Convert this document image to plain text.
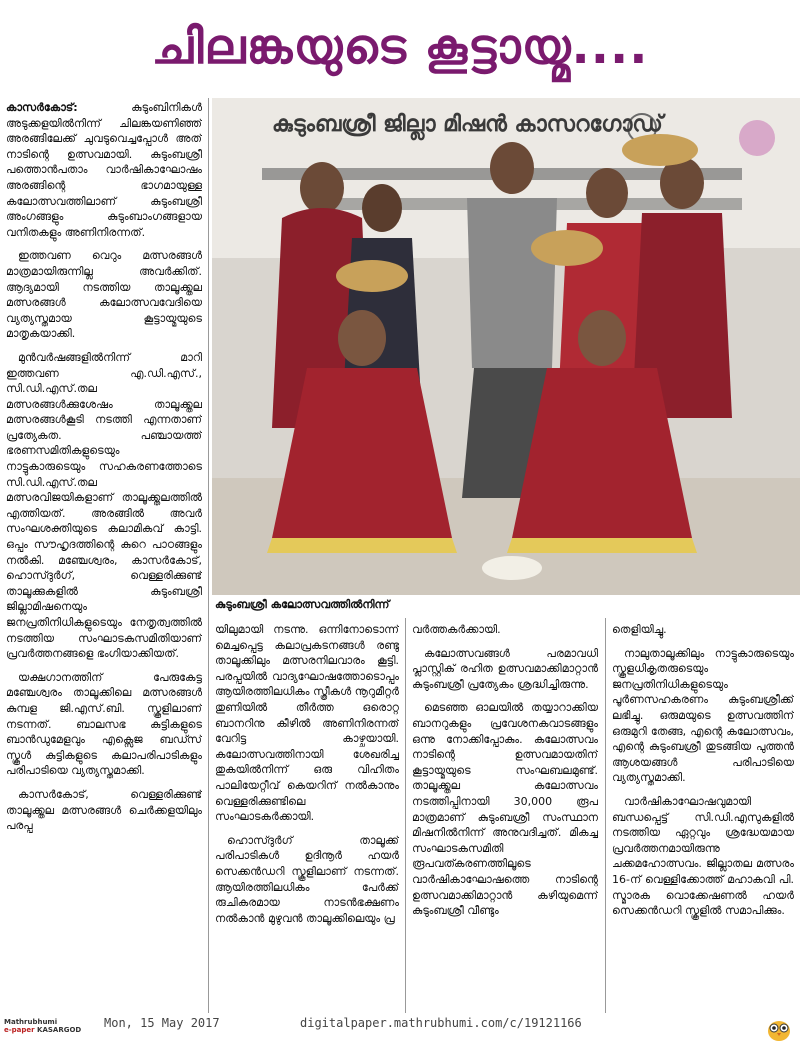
ചിലങ്കയുടെ കൂട്ടായ്മ....
കുടുംബശ്രീ ജില്ലാ മിഷൻ കാസറഗോഡ്
കുടുംബശ്രീ കലോത്സവത്തിൽനിന്ന്

കാസർകോട്: കുടുംബിനികൾ അടുക്കളയിൽനിന്ന് ചിലങ്കയണിഞ്ഞ് അരങ്ങിലേക്ക് ചുവടുവെച്ചപ്പോൾ അത് നാടിന്റെ ഉത്സവമായി. കുടുംബശ്രീ പത്തൊൻപതാം വാർഷികാഘോഷം അരങ്ങിന്റെ ഭാഗമായുള്ള കലോത്സവത്തിലാണ് കുടുംബശ്രീ അംഗങ്ങളും കുടുംബാംഗങ്ങളായ വനിതകളും അണിനിരന്നത്.

ഇത്തവണ വെറും മത്സരങ്ങൾ മാത്രമായിരുന്നില്ല അവർക്കിത്. ആദ്യമായി നടത്തിയ താലൂക്ക്തല മത്സരങ്ങൾ കലോത്സവവേദിയെ വ്യത്യസ്തമായ കൂട്ടായ്മയുടെ മാതൃകയാക്കി.

മുൻവർഷങ്ങളിൽനിന്ന് മാറി ഇത്തവണ എ.ഡി.എസ്., സി.ഡി.എസ്.തല മത്സരങ്ങൾക്കുശേഷം താലൂക്ക്തല മത്സരങ്ങൾകൂടി നടത്തി എന്നതാണ് പ്രത്യേകത. പഞ്ചായത്ത് ഭരണസമിതികളുടെയും നാട്ടുകാരുടെയും സഹകരണത്തോടെ സി.ഡി.എസ്.തല മത്സരവിജയികളാണ് താലൂക്ക്തലത്തിൽ എത്തിയത്. അരങ്ങിൽ അവർ സംഘശക്തിയുടെ കലാമികവ് കാട്ടി. ഒപ്പം സൗഹൃദത്തിന്റെ കുറെ പാഠങ്ങളും നൽകി. മഞ്ചേശ്വരം, കാസർകോട്, ഹൊസ്ദുർഗ്, വെള്ളരിക്കുണ്ട് താലൂക്കുകളിൽ കുടുംബശ്രീ ജില്ലാമിഷനെയും ജനപ്രതിനിധികളുടെയും നേതൃത്വത്തിൽ നടത്തിയ സംഘാടകസമിതിയാണ് പ്രവർത്തനങ്ങളെ ഭംഗിയാക്കിയത്.

യക്ഷഗാനത്തിന് പേരുകേട്ട മഞ്ചേശ്വരം താലൂക്കിലെ മത്സരങ്ങൾ കുമ്പള ജി.എസ്.ബി. സ്കൂളിലാണ് നടന്നത്. ബാലസഭ കുട്ടികളുടെ ബാൻഡുമേളവും എക്സെജ ബഡ്സ് സ്കൂൾ കുട്ടികളുടെ കലാപരിപാടികളും പരിപാടിയെ വ്യത്യസ്തമാക്കി.

കാസർകോട്, വെള്ളരിക്കുണ്ട് താലൂക്ക്തല മത്സരങ്ങൾ ചെർക്കളയിലും പരപ്പ

യിലുമായി നടന്നു. ഒന്നിനോടൊന്ന് മെച്ചപ്പെട്ട കലാപ്രകടനങ്ങൾ രണ്ടു താലൂക്കിലും മത്സരനിലവാരം കൂട്ടി. പരപ്പയിൽ വാദ്യഘോഷത്തോടൊപ്പം ആയിരത്തിലധികം സ്ത്രീകൾ നൂറുമീറ്റർ തുണിയിൽ തീർത്ത ഒരൊറ്റ ബാനറിനു കീഴിൽ അണിനിരന്നത് വേറിട്ട കാഴ്ചയായി. കലോത്സവത്തിനായി ശേഖരിച്ച തുകയിൽനിന്ന് ഒരു വിഹിതം പാലിയേറ്റീവ് കെയറിന് നൽകാനും വെള്ളരിക്കുണ്ടിലെ സംഘാടകർക്കായി.

ഹൊസ്ദുർഗ് താലൂക്ക് പരിപാടികൾ ഉദിനൂർ ഹയർ സെക്കൻഡറി സ്കൂളിലാണ് നടന്നത്. ആയിരത്തിലധികം പേർക്ക് രുചികരമായ നാടൻഭക്ഷണം നൽകാൻ മുഴുവൻ താലൂക്കിലെയും പ്ര

വർത്തകർക്കായി.

കലോത്സവങ്ങൾ പരമാവധി പ്ലാസ്റ്റിക് രഹിത ഉത്സവമാക്കിമാറ്റാൻ കുടുംബശ്രീ പ്രത്യേകം ശ്രദ്ധിച്ചിരുന്നു.

മെടഞ്ഞ ഓലയിൽ തയ്യാറാക്കിയ ബാനറുകളും പ്രവേശനകവാടങ്ങളും ഒന്നു നോക്കിപ്പോകും. കലോത്സവം നാടിന്റെ ഉത്സവമായതിന് കൂട്ടായ്മയുടെ സംഘബലമുണ്ട്. താലൂക്ക്തല കലോത്സവം നടത്തിപ്പിനായി 30,000 രൂപ മാത്രമാണ് കുടുംബശ്രീ സംസ്ഥാന മിഷനിൽനിന്ന് അനുവദിച്ചത്. മികച്ച സംഘാടകസമിതി രൂപവത്കരണത്തിലൂടെ വാർഷികാഘോഷത്തെ നാടിന്റെ ഉത്സവമാക്കിമാറ്റാൻ കഴിയുമെന്ന് കുടുംബശ്രീ വീണ്ടും

തെളിയിച്ചു.

നാലുതാലൂക്കിലും നാട്ടുകാരുടെയും സ്കൂളധികൃതരുടെയും ജനപ്രതിനിധികളുടെയും പൂർണസഹകരണം കുടുംബശ്രീക്ക് ലഭിച്ചു. ഒരുമയുടെ ഉത്സവത്തിന് ഒരുമുറി തേങ്ങ, എന്റെ കലോത്സവം, എന്റെ കുടുംബശ്രീ തുടങ്ങിയ പുത്തൻ ആശയങ്ങൾ പരിപാടിയെ വ്യത്യസ്തമാക്കി.

വാർഷികാഘോഷവുമായി ബന്ധപ്പെട്ട് സി.ഡി.എസുകളിൽ നടത്തിയ ഏറ്റവും ശ്രദ്ധേയമായ പ്രവർത്തനമായിരുന്നു ചക്കമഹോത്സവം. ജില്ലാതല മത്സരം 16-ന് വെള്ളിക്കോത്ത് മഹാകവി പി. സ്മാരക വൊക്കേഷണൽ ഹയർ സെക്കൻഡറി സ്കൂളിൽ സമാപിക്കും.

Mathrubhumi
e-paper KASARGOD Mon, 15 May 2017	digitalpaper.mathrubhumi.com/c/19121166
